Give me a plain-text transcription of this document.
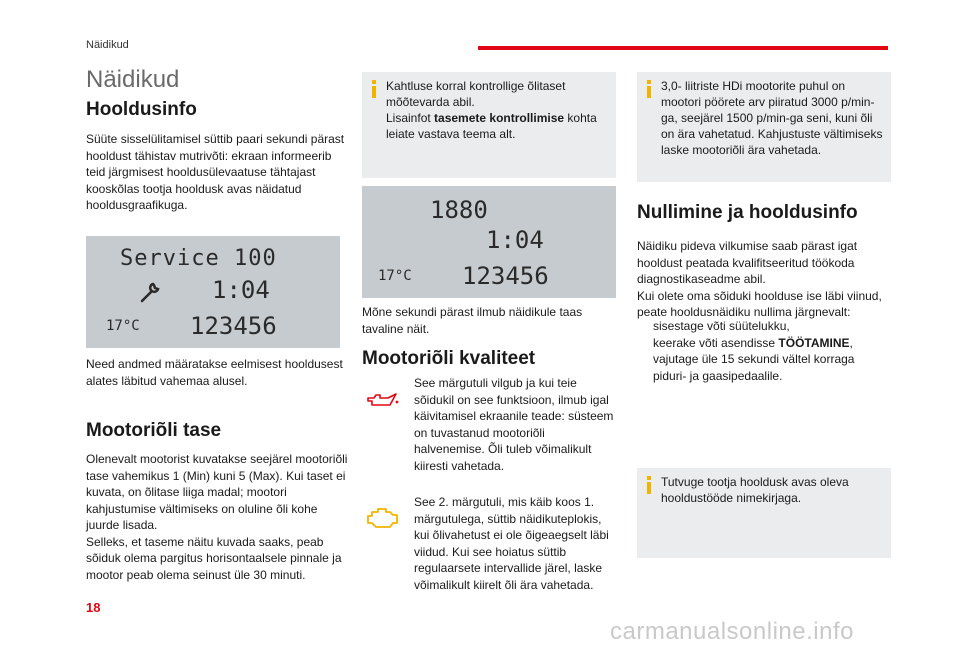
Näidikud
Näidikud
Hooldusinfo

Süüte sisselülitamisel süttib paari sekundi pärast hooldust tähistav mutrivõti: ekraan informeerib teid järgmisest hooldusülevaatuse tähtajast kooskõlas tootja hooldusk avas näidatud hooldusgraafikuga.

Service 100
1:04
17°C 123456

Need andmed määratakse eelmisest hooldusest alates läbitud vahemaa alusel.

Mootoriõli tase

Olenevalt mootorist kuvatakse seejärel mootoriõli tase vahemikus 1 (Min) kuni 5 (Max). Kui taset ei kuvata, on õlitase liiga madal; mootori kahjustumise vältimiseks on oluline õli kohe juurde lisada.
Selleks, et taseme näitu kuvada saaks, peab sõiduk olema pargitus horisontaalsele pinnale ja mootor peab olema seinust üle 30 minuti.

Kahtluse korral kontrollige õlitaset mõõtevarda abil.
Lisainfot tasemete kontrollimise kohta leiate vastava teema alt.
1880
1:04
17°C 123456

Mõne sekundi pärast ilmub näidikule taas tavaline näit.

Mootoriõli kvaliteet

See märgutuli vilgub ja kui teie sõidukil on see funktsioon, ilmub igal käivitamisel ekraanile teade: süsteem on tuvastanud mootoriõli halvenemise. Õli tuleb võimalikult kiiresti vahetada.

See 2. märgutuli, mis käib koos 1. märgutulega, süttib näidikuteplokis, kui õlivahetust ei ole õigeaegselt läbi viidud. Kui see hoiatus süttib regulaarsete intervallide järel, laske võimalikult kiirelt õli ära vahetada.

3,0- liitriste HDi mootorite puhul on mootori pöörete arv piiratud 3000 p/min-ga, seejärel 1500 p/min-ga seni, kuni õli on ära vahetatud. Kahjustuste vältimiseks laske mootoriõli ära vahetada.
Nullimine ja hooldusinfo

Näidiku pideva vilkumise saab pärast igat hooldust peatada kvalifitseeritud töökoda diagnostikaseadme abil.
Kui olete oma sõiduki hoolduse ise läbi viinud, peate hooldusnäidiku nullima järgnevalt:

sisestage võti süütelukku,
keerake võti asendisse TÖÖTAMINE,
vajutage üle 15 sekundi vältel korraga piduri- ja gaasipedaalile.
Tutvuge tootja hooldusk avas oleva hooldustööde nimekirjaga.
18
carmanualsonline.info
